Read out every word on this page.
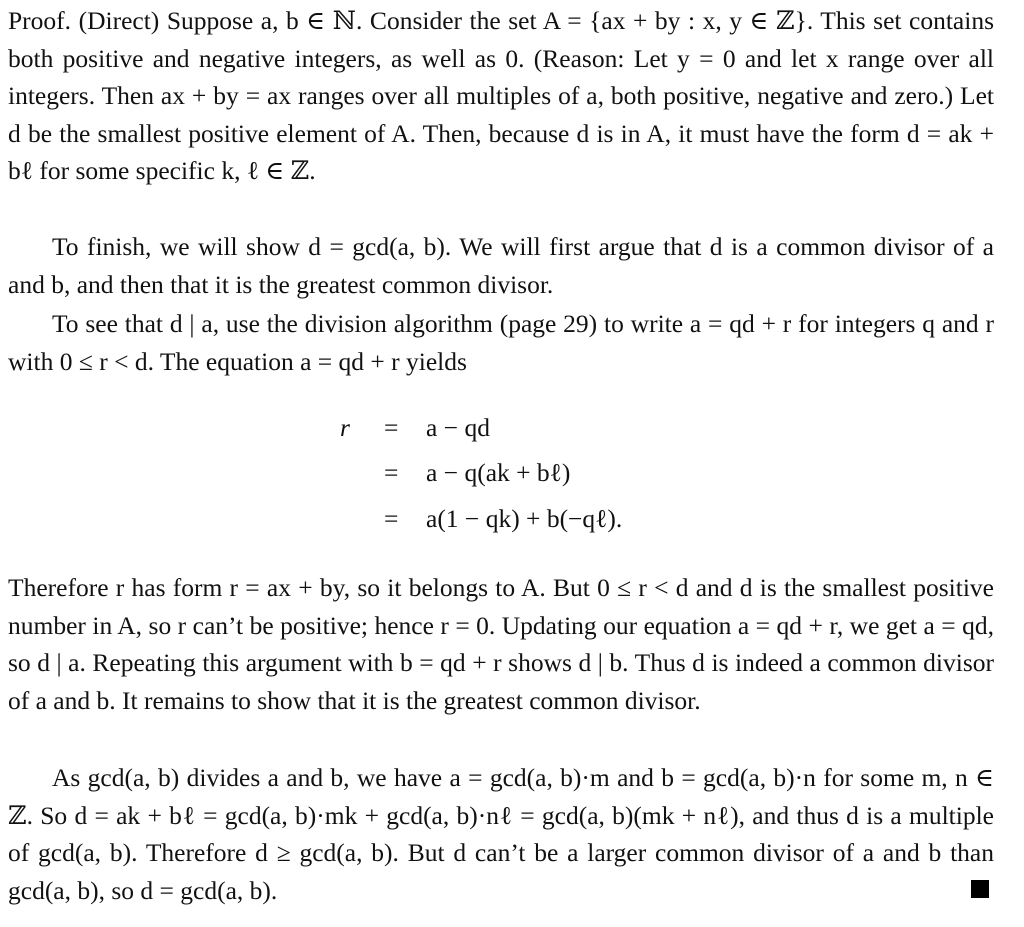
Proof. (Direct) Suppose a, b ∈ ℕ. Consider the set A = {ax + by : x, y ∈ ℤ}. This set contains both positive and negative integers, as well as 0. (Reason: Let y = 0 and let x range over all integers. Then ax + by = ax ranges over all multiples of a, both positive, negative and zero.) Let d be the smallest positive element of A. Then, because d is in A, it must have the form d = ak + bℓ for some specific k, ℓ ∈ ℤ.

To finish, we will show d = gcd(a, b). We will first argue that d is a common divisor of a and b, and then that it is the greatest common divisor.

To see that d | a, use the division algorithm (page 29) to write a = qd + r for integers q and r with 0 ≤ r < d. The equation a = qd + r yields

r = a − qd
= a − q(ak + bℓ)
= a(1 − qk) + b(−qℓ).

Therefore r has form r = ax + by, so it belongs to A. But 0 ≤ r < d and d is the smallest positive number in A, so r can’t be positive; hence r = 0. Updating our equation a = qd + r, we get a = qd, so d | a. Repeating this argument with b = qd + r shows d | b. Thus d is indeed a common divisor of a and b. It remains to show that it is the greatest common divisor.

As gcd(a, b) divides a and b, we have a = gcd(a, b)·m and b = gcd(a, b)·n for some m, n ∈ ℤ. So d = ak + bℓ = gcd(a, b)·mk + gcd(a, b)·nℓ = gcd(a, b)(mk + nℓ), and thus d is a multiple of gcd(a, b). Therefore d ≥ gcd(a, b). But d can’t be a larger common divisor of a and b than gcd(a, b), so d = gcd(a, b).
